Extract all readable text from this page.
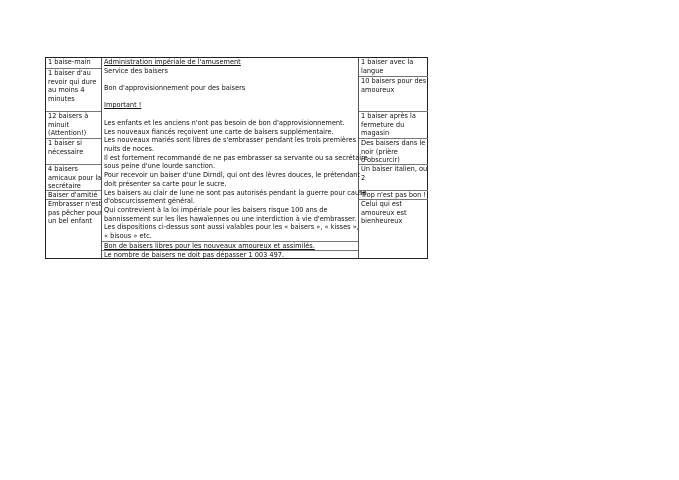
1 baise-main
1 baiser d'au
revoir qui dure
au moins 4
minutes
12 baisers à
minuit
(Attention!)
1 baiser si
nécessaire
4 baisers
amicaux pour la
secrétaire
Baiser d'amitié
Embrasser n'est
pas pêcher pour
un bel enfant
Administration impériale de l'amusement
Service des baisers
Bon d'approvisionnement pour des baisers
Important !
Les enfants et les anciens n'ont pas besoin de bon d'approvisionnement.
Les nouveaux fiancés reçoivent une carte de baisers supplémentaire.
Les nouveaux mariés sont libres de s'embrasser pendant les trois premières
nuits de noces.
Il est fortement recommandé de ne pas embrasser sa servante ou sa secrétaire
sous peine d'une lourde sanction.
Pour recevoir un baiser d'une Dirndl, qui ont des lèvres douces, le prétendant
doit présenter sa carte pour le sucre.
Les baisers au clair de lune ne sont pas autorisés pendant la guerre pour cause
d'obscurcissement général.
Qui contrevient à la loi impériale pour les baisers risque 100 ans de
bannissement sur les îles hawaïennes ou une interdiction à vie d'embrasser.
Les dispositions ci-dessus sont aussi valables pour les « baisers », « kisses »,
« bisous » etc.
Bon de baisers libres pour les nouveaux amoureux et assimilés.
Le nombre de baisers ne doit pas dépasser 1 003 497.
1 baiser avec la
langue
10 baisers pour des
amoureux
1 baiser après la
fermeture du
magasin
Des baisers dans le
noir (prière
d'obscurcir)
Un baiser italien, ou
2
Trop n'est pas bon !
Celui qui est
amoureux est
bienheureux
